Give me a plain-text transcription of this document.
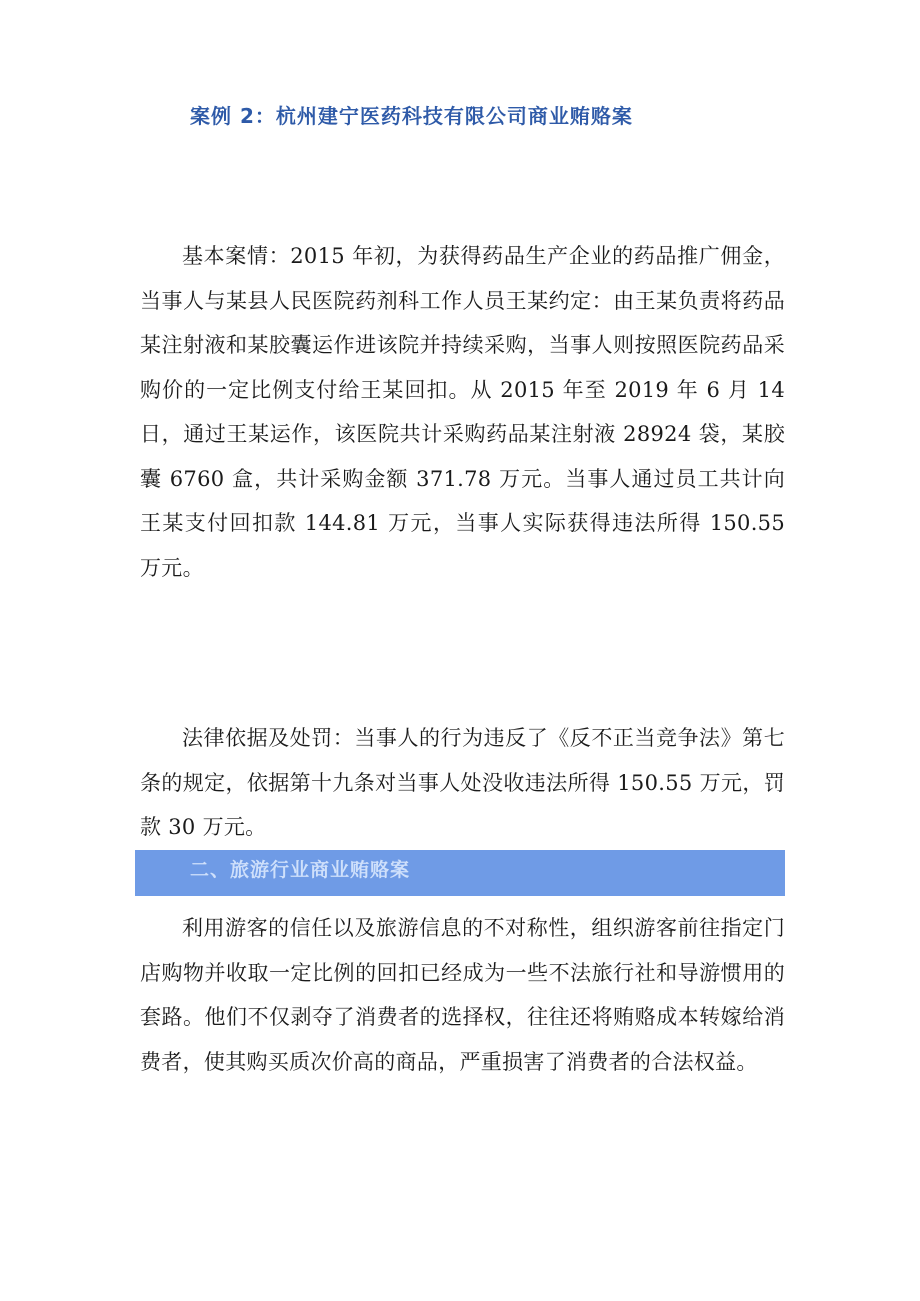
案例 2：杭州建宁医药科技有限公司商业贿赂案

基本案情：2015 年初，为获得药品生产企业的药品推广佣金，当事人与某县人民医院药剂科工作人员王某约定：由王某负责将药品某注射液和某胶囊运作进该院并持续采购，当事人则按照医院药品采购价的一定比例支付给王某回扣。从 2015 年至 2019 年 6 月 14 日，通过王某运作，该医院共计采购药品某注射液 28924 袋，某胶囊 6760 盒，共计采购金额 371.78 万元。当事人通过员工共计向王某支付回扣款 144.81 万元，当事人实际获得违法所得 150.55 万元。

法律依据及处罚：当事人的行为违反了《反不正当竞争法》第七条的规定，依据第十九条对当事人处没收违法所得 150.55 万元，罚款 30 万元。

二、旅游行业商业贿赂案

利用游客的信任以及旅游信息的不对称性，组织游客前往指定门店购物并收取一定比例的回扣已经成为一些不法旅行社和导游惯用的套路。他们不仅剥夺了消费者的选择权，往往还将贿赂成本转嫁给消费者，使其购买质次价高的商品，严重损害了消费者的合法权益。
